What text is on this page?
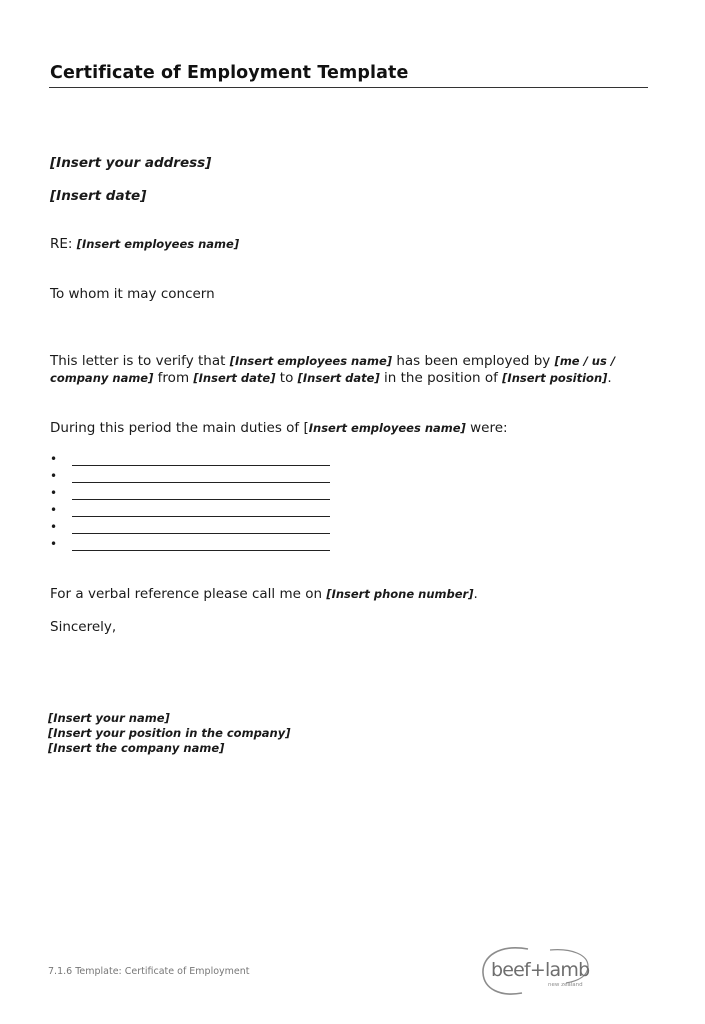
Certificate of Employment Template
[Insert your address]
[Insert date]
RE: [Insert employees name]
To whom it may concern
This letter is to verify that [Insert employees name] has been employed by [me / us / company name] from [Insert date] to [Insert date] in the position of [Insert position].
During this period the main duties of [Insert employees name] were:
•
•
•
•
•
•
For a verbal reference please call me on [Insert phone number].
Sincerely,
[Insert your name]
[Insert your position in the company]
[Insert the company name]
7.1.6 Template: Certificate of Employment	beef+lamb
new zealand
